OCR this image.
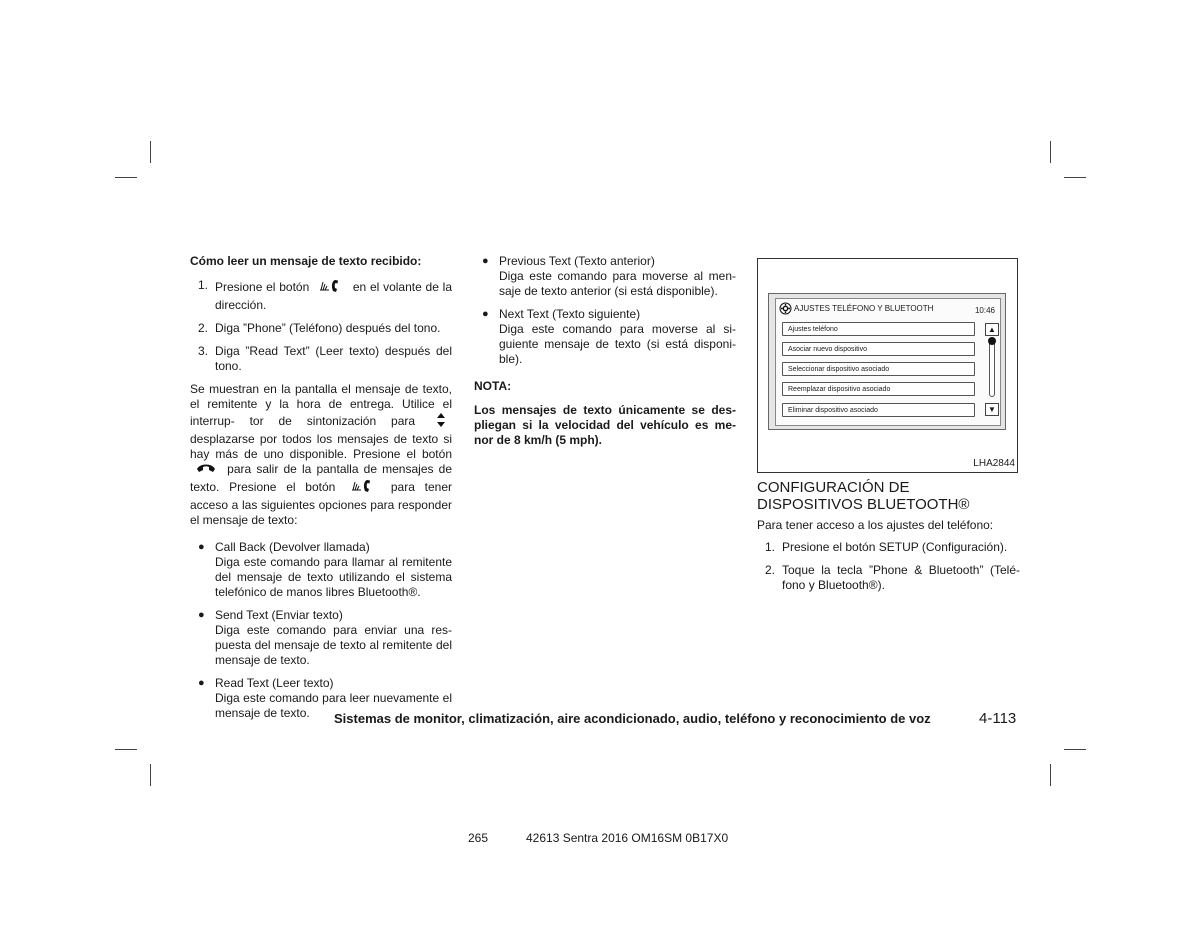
Cómo leer un mensaje de texto recibido:

1. Presione el botón	en el volante de la dirección.
2. Diga ”Phone” (Teléfono) después del tono.
3. Diga ”Read Text” (Leer texto) después del tono.

Se muestran en la pantalla el mensaje de texto, el remitente y la hora de entrega. Utilice el interrup- tor de sintonización para  desplazarse por todos los mensajes de texto si hay más de uno disponible. Presione el botón  para salir de la pantalla de mensajes de texto. Presione el botón	para tener acceso a las siguientes opciones para responder el mensaje de texto:

● Call Back (Devolver llamada)
Diga este comando para llamar al remitente del mensaje de texto utilizando el sistema telefónico de manos libres Bluetooth®.
● Send Text (Enviar texto)
Diga este comando para enviar una res- puesta del mensaje de texto al remitente del mensaje de texto.
● Read Text (Leer texto)
Diga este comando para leer nuevamente el mensaje de texto.
● Previous Text (Texto anterior)
Diga este comando para moverse al men- saje de texto anterior (si está disponible).
● Next Text (Texto siguiente)
Diga este comando para moverse al si- guiente mensaje de texto (si está disponi- ble).

NOTA:

Los mensajes de texto únicamente se des- pliegan si la velocidad del vehículo es me- nor de 8 km/h (5 mph).

AJUSTES TELÉFONO Y BLUETOOTH	10:46
Ajustes teléfono
Asociar nuevo dispositivo
Seleccionar dispositivo asociado
Reemplazar dispositivo asociado
Eliminar dispositivo asociado
▲
▼
LHA2844
CONFIGURACIÓN DE
DISPOSITIVOS BLUETOOTH®

Para tener acceso a los ajustes del teléfono:

1. Presione el botón SETUP (Configuración).
2. Toque la tecla ”Phone & Bluetooth” (Telé- fono y Bluetooth®).
Sistemas de monitor, climatización, aire acondicionado, audio, teléfono y reconocimiento de voz	4-113
265	42613 Sentra 2016 OM16SM 0B17X0
